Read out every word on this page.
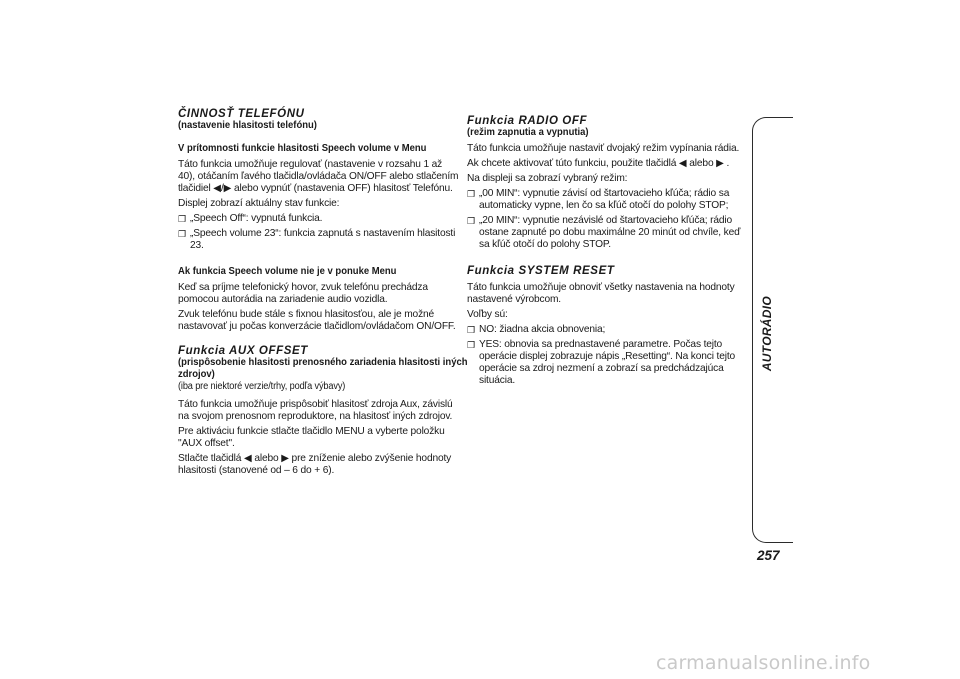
ČINNOSŤ TELEFÓNU

(nastavenie hlasitosti telefónu)

V prítomnosti funkcie hlasitosti Speech volume v Menu

Táto funkcia umožňuje regulovať (nastavenie v rozsahu 1 až 40), otáčaním ľavého tlačidla/ovládača ON/OFF alebo stlačením tlačidiel ◀/▶ alebo vypnúť (nastavenia OFF) hlasitosť Telefónu.

Displej zobrazí aktuálny stav funkcie:

❒ „Speech Off“: vypnutá funkcia.
❒ „Speech volume 23“: funkcia zapnutá s nastavením hlasitosti 23.

Ak funkcia Speech volume nie je v ponuke Menu

Keď sa príjme telefonický hovor, zvuk telefónu prechádza pomocou autorádia na zariadenie audio vozidla.

Zvuk telefónu bude stále s fixnou hlasitosťou, ale je možné nastavovať ju počas konverzácie tlačidlom/ovládačom ON/OFF.

Funkcia AUX OFFSET

(prispôsobenie hlasitosti prenosného zariadenia hlasitosti iných zdrojov)

(iba pre niektoré verzie/trhy, podľa výbavy)

Táto funkcia umožňuje prispôsobiť hlasitosť zdroja Aux, závislú na svojom prenosnom reproduktore, na hlasitosť iných zdrojov.

Pre aktiváciu funkcie stlačte tlačidlo MENU a vyberte položku "AUX offset".

Stlačte tlačidlá ◀ alebo ▶ pre zníženie alebo zvýšenie hodnoty hlasitosti (stanovené od – 6 do + 6).

Funkcia RADIO OFF

(režim zapnutia a vypnutia)

Táto funkcia umožňuje nastaviť dvojaký režim vypínania rádia.

Ak chcete aktivovať túto funkciu, použite tlačidlá ◀ alebo ▶ .

Na displeji sa zobrazí vybraný režim:

❒ „00 MIN“: vypnutie závisí od štartovacieho kľúča; rádio sa automaticky vypne, len čo sa kľúč otočí do polohy STOP;
❒ „20 MIN“: vypnutie nezávislé od štartovacieho kľúča; rádio ostane zapnuté po dobu maximálne 20 minút od chvíle, keď sa kľúč otočí do polohy STOP.

Funkcia SYSTEM RESET

Táto funkcia umožňuje obnoviť všetky nastavenia na hodnoty nastavené výrobcom.

Voľby sú:

❒ NO: žiadna akcia obnovenia;
❒ YES: obnovia sa prednastavené parametre. Počas tejto operácie displej zobrazuje nápis „Resetting“. Na konci tejto operácie sa zdroj nezmení a zobrazí sa predchádzajúca situácia.
AUTORÁDIO
257
carmanualsonline.info
